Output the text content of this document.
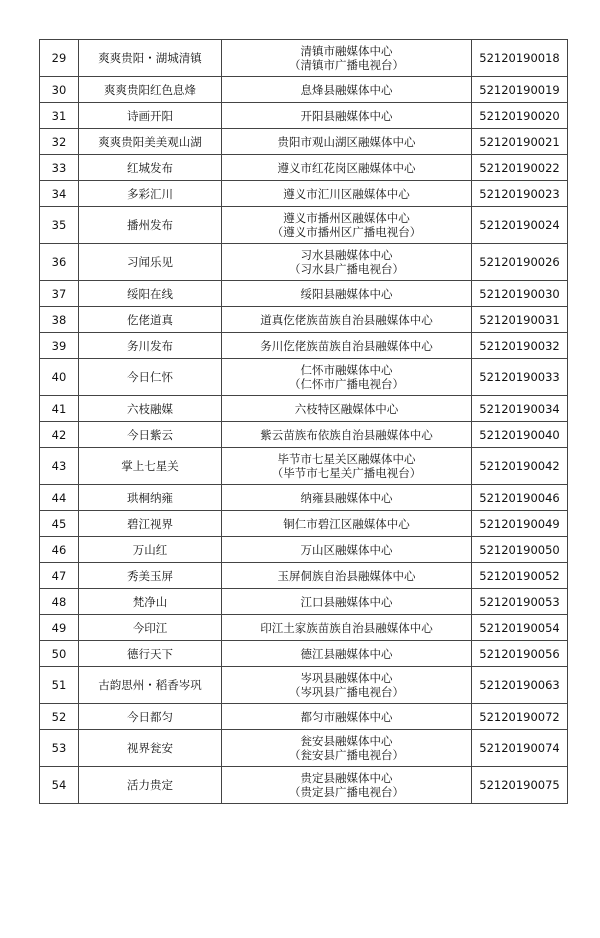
29	爽爽贵阳・湖城清镇	清镇市融媒体中心
（清镇市广播电视台）	52120190018
30	爽爽贵阳红色息烽	息烽县融媒体中心	52120190019
31	诗画开阳	开阳县融媒体中心	52120190020
32	爽爽贵阳美美观山湖	贵阳市观山湖区融媒体中心	52120190021
33	红城发布	遵义市红花岗区融媒体中心	52120190022
34	多彩汇川	遵义市汇川区融媒体中心	52120190023
35	播州发布	遵义市播州区融媒体中心
（遵义市播州区广播电视台）	52120190024
36	习闻乐见	习水县融媒体中心
（习水县广播电视台）	52120190026
37	绥阳在线	绥阳县融媒体中心	52120190030
38	仡佬道真	道真仡佬族苗族自治县融媒体中心	52120190031
39	务川发布	务川仡佬族苗族自治县融媒体中心	52120190032
40	今日仁怀	仁怀市融媒体中心
（仁怀市广播电视台）	52120190033
41	六枝融媒	六枝特区融媒体中心	52120190034
42	今日紫云	紫云苗族布依族自治县融媒体中心	52120190040
43	掌上七星关	毕节市七星关区融媒体中心
（毕节市七星关广播电视台）	52120190042
44	珙桐纳雍	纳雍县融媒体中心	52120190046
45	碧江视界	铜仁市碧江区融媒体中心	52120190049
46	万山红	万山区融媒体中心	52120190050
47	秀美玉屏	玉屏侗族自治县融媒体中心	52120190052
48	梵净山	江口县融媒体中心	52120190053
49	今印江	印江土家族苗族自治县融媒体中心	52120190054
50	德行天下	德江县融媒体中心	52120190056
51	古韵思州・稻香岑巩	岑巩县融媒体中心
（岑巩县广播电视台）	52120190063
52	今日都匀	都匀市融媒体中心	52120190072
53	视界瓮安	瓮安县融媒体中心
（瓮安县广播电视台）	52120190074
54	活力贵定	贵定县融媒体中心
（贵定县广播电视台）	52120190075
